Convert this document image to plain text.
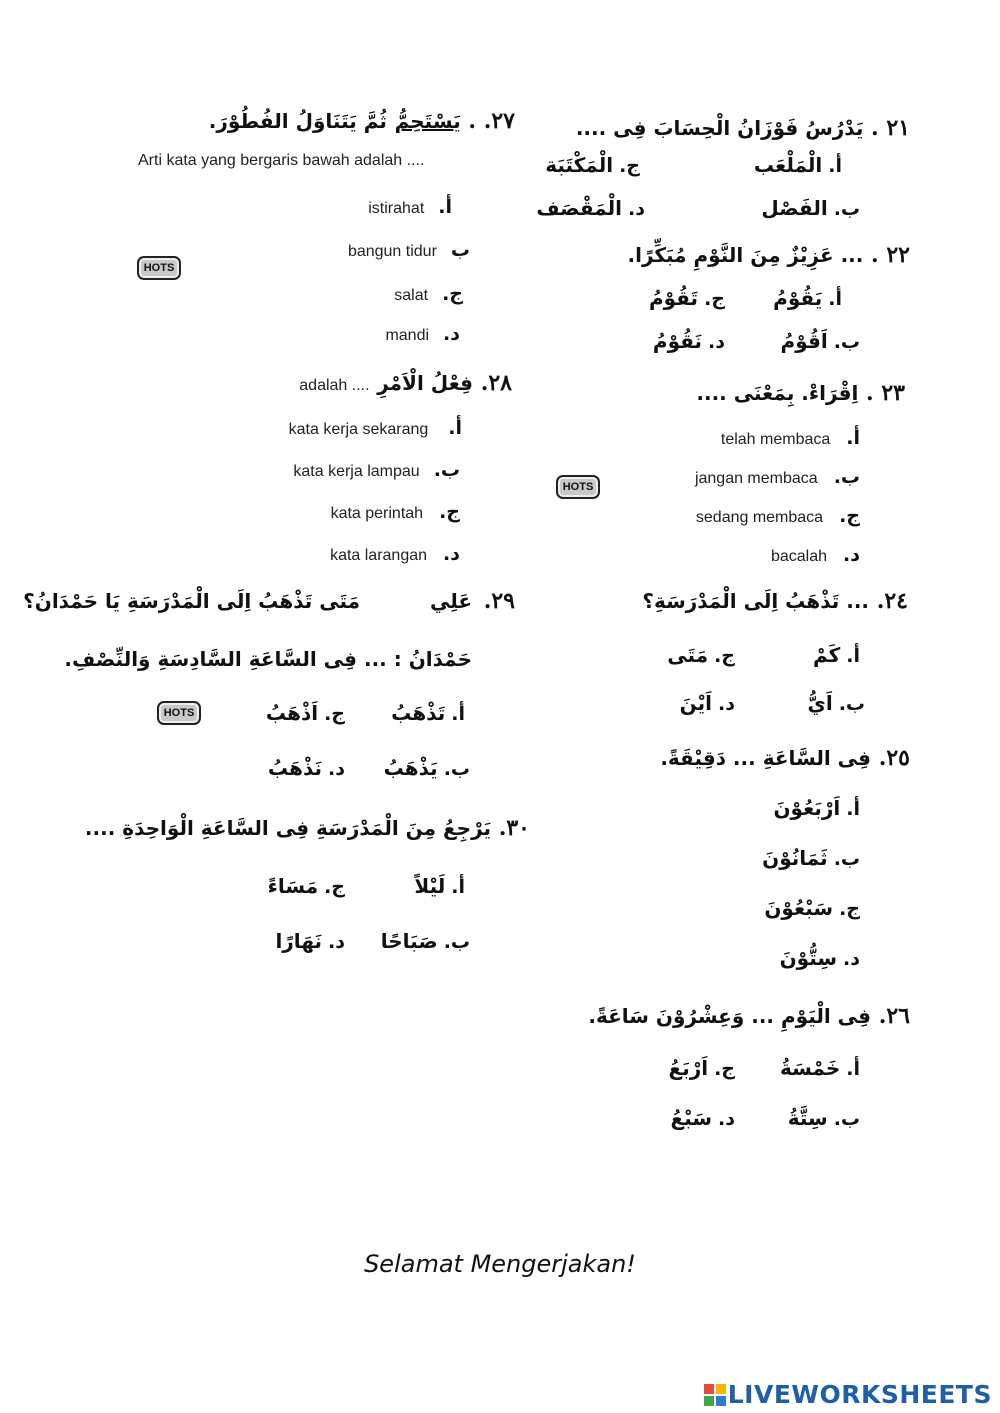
٢١ . يَدْرُسُ فَوْزَانُ الْحِسَابَ فِى ....
أ.الْمَلْعَب
ج.الْمَكْتَبَة
ب.الفَصْل
د.الْمَقْصَف
٢٢ . ... عَزِيْزٌ مِنَ النَّوْمِ مُبَكِّرًا.
أ.يَقُوْمُ
ج.تَقُوْمُ
ب.اَقُوْمُ
د.نَقُوْمُ
٢٣ . اِقْرَاءْ. بِمَعْنَى ....
أ.telah membaca
ب.jangan membaca
ج.sedang membaca
د.bacalah
HOTS
٢٤. ... تَذْهَبُ اِلَى الْمَدْرَسَةِ؟
أ.كَمْ
ج.مَتَى
ب.اَيُّ
د.اَيْنَ
٢٥. فِى السَّاعَةِ ... دَقِيْقَةً.
أ.اَرْبَعُوْنَ
ب.ثَمَانُوْنَ
ج.سَبْعُوْنَ
د.سِتُّوْنَ
٢٦. فِى الْيَوْمِ ... وَعِشْرُوْنَ سَاعَةً.
أ.خَمْسَةُ
ج.اَرْبَعُ
ب.سِتَّةُ
د.سَبْعُ
٢٧. . يَسْتَحِمُّ ثُمَّ يَتَنَاوَلُ الفُطُوْرَ.
Arti kata yang bergaris bawah adalah ....
أ.istirahat
بbangun tidur
ج.salat
د.mandi
HOTS
٢٨. فِعْلُ الْاَمْرِ adalah ....
أ.kata kerja sekarang
ب.kata kerja lampau
ج.kata perintah
د.kata larangan
٢٩. عَلِي
مَتَى تَذْهَبُ اِلَى الْمَدْرَسَةِ يَا حَمْدَانُ؟
حَمْدَانُ : ... فِى السَّاعَةِ السَّادِسَةِ وَالنِّصْفِ.
أ.تَذْهَبُ
ج.اَذْهَبُ
ب.يَذْهَبُ
د.نَذْهَبُ
HOTS
٣٠. يَرْجِعُ مِنَ الْمَدْرَسَةِ فِى السَّاعَةِ الْوَاحِدَةِ ....
أ.لَيْلاً
ج.مَسَاءً
ب.صَبَاحًا
د.نَهَارًا
Selamat Mengerjakan!
LIVEWORKSHEETS
